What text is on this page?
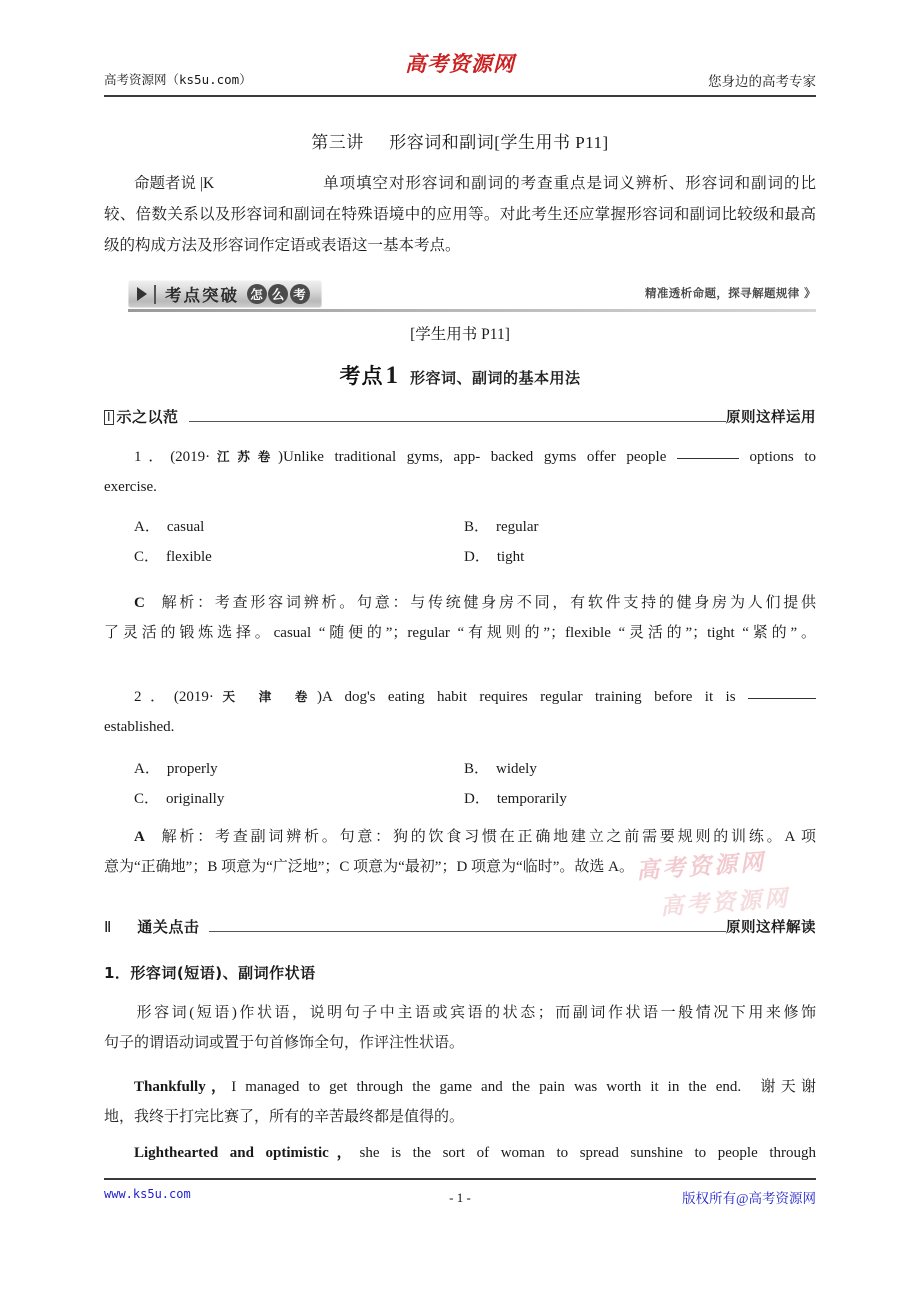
高考资源网（ks5u.com）
高考资源网
您身边的高考专家
第三讲 形容词和副词[学生用书 P11]
命题者说 |K	单项填空对形容词和副词的考查重点是词义辨析、形容词和副词的比较、倍数关系以及形容词和副词在特殊语境中的应用等。对此考生还应掌握形容词和副词比较级和最高级的构成方法及形容词作定语或表语这一基本考点。
考点突破 怎 么 考	精准透析命题，探寻解题规律 》
[学生用书 P11]
考点1 形容词、副词的基本用法
Ⅰ 示之以范	原则这样运用
1．(2019·江苏卷)Unlike traditional gyms, app- backed gyms offer people	options to
exercise.
A． casual	B． regular
C． flexible	D． tight
C 解析：考查形容词辨析。句意：与传统健身房不同，有软件支持的健身房为人们提供
了灵活的锻炼选择。casual “随便的”；regular “有规则的”；flexible “灵活的”；tight “紧的”。
2．(2019·天 津 卷)A dog's eating habit requires regular training before it is
established.
A． properly	B． widely
C． originally	D． temporarily
A 解析：考查副词辨析。句意：狗的饮食习惯在正确地建立之前需要规则的训练。A 项
意为“正确地”；B 项意为“广泛地”；C 项意为“最初”；D 项意为“临时”。故选 A。 高考资源网
高考资源网
Ⅱ 通关点击	原则这样解读
1．形容词(短语)、副词作状语
形容词(短语)作状语，说明句子中主语或宾语的状态；而副词作状语一般情况下用来修饰
句子的谓语动词或置于句首修饰全句，作评注性状语。
Thankfully，I managed to get through the game and the pain was worth it in the end. 谢天谢
地，我终于打完比赛了，所有的辛苦最终都是值得的。
Lighthearted and optimistic，she is the sort of woman to spread sunshine to people through
www.ks5u.com	- 1 -	版权所有@高考资源网
